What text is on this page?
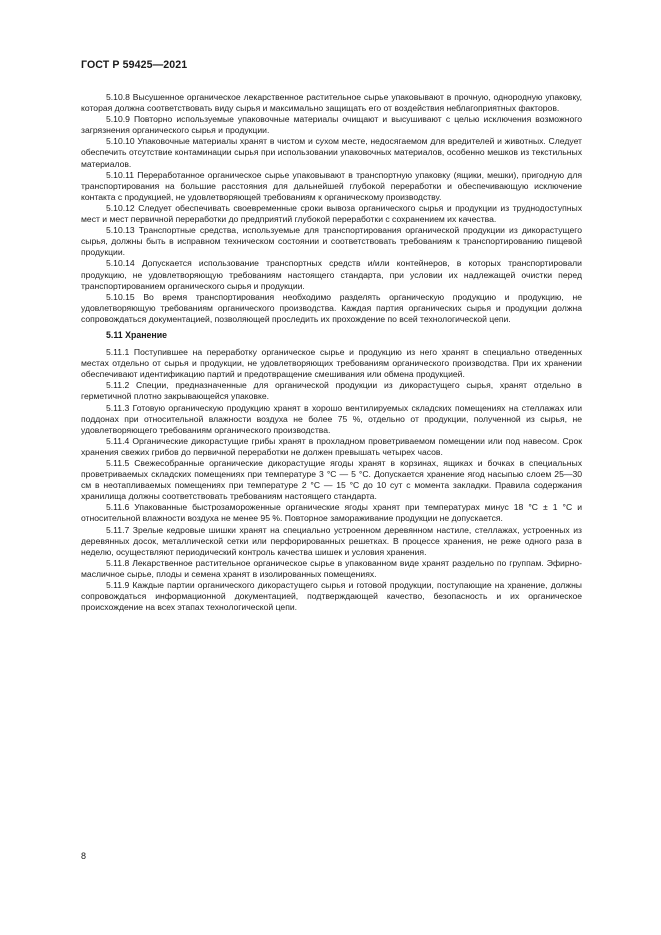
ГОСТ Р 59425—2021

5.10.8 Высушенное органическое лекарственное растительное сырье упаковывают в прочную, однородную упаковку, которая должна соответствовать виду сырья и максимально защищать его от воздействия неблагоприятных факторов.

5.10.9 Повторно используемые упаковочные материалы очищают и высушивают с целью исключения возможного загрязнения органического сырья и продукции.

5.10.10 Упаковочные материалы хранят в чистом и сухом месте, недосягаемом для вредителей и животных. Следует обеспечить отсутствие контаминации сырья при использовании упаковочных материалов, особенно мешков из текстильных материалов.

5.10.11 Переработанное органическое сырье упаковывают в транспортную упаковку (ящики, мешки), пригодную для транспортирования на большие расстояния для дальнейшей глубокой переработки и обеспечивающую исключение контакта с продукцией, не удовлетворяющей требованиям к органическому производству.

5.10.12 Следует обеспечивать своевременные сроки вывоза органического сырья и продукции из труднодоступных мест и мест первичной переработки до предприятий глубокой переработки с сохранением их качества.

5.10.13 Транспортные средства, используемые для транспортирования органической продукции из дикорастущего сырья, должны быть в исправном техническом состоянии и соответствовать требованиям к транспортированию пищевой продукции.

5.10.14 Допускается использование транспортных средств и/или контейнеров, в которых транспортировали продукцию, не удовлетворяющую требованиям настоящего стандарта, при условии их надлежащей очистки перед транспортированием органического сырья и продукции.

5.10.15 Во время транспортирования необходимо разделять органическую продукцию и продукцию, не удовлетворяющую требованиям органического производства. Каждая партия органических сырья и продукции должна сопровождаться документацией, позволяющей проследить их прохождение по всей технологической цепи.

5.11 Хранение

5.11.1 Поступившее на переработку органическое сырье и продукцию из него хранят в специально отведенных местах отдельно от сырья и продукции, не удовлетворяющих требованиям органического производства. При их хранении обеспечивают идентификацию партий и предотвращение смешивания или обмена продукцией.

5.11.2 Специи, предназначенные для органической продукции из дикорастущего сырья, хранят отдельно в герметичной плотно закрывающейся упаковке.

5.11.3 Готовую органическую продукцию хранят в хорошо вентилируемых складских помещениях на стеллажах или поддонах при относительной влажности воздуха не более 75 %, отдельно от продукции, полученной из сырья, не удовлетворяющего требованиям органического производства.

5.11.4 Органические дикорастущие грибы хранят в прохладном проветриваемом помещении или под навесом. Срок хранения свежих грибов до первичной переработки не должен превышать четырех часов.

5.11.5 Свежесобранные органические дикорастущие ягоды хранят в корзинах, ящиках и бочках в специальных проветриваемых складских помещениях при температуре 3 °С — 5 °С. Допускается хранение ягод насыпью слоем 25—30 см в неотапливаемых помещениях при температуре 2 °С — 15 °С до 10 сут с момента закладки. Правила содержания хранилища должны соответствовать требованиям настоящего стандарта.

5.11.6 Упакованные быстрозамороженные органические ягоды хранят при температурах минус 18 °С ± 1 °С и относительной влажности воздуха не менее 95 %. Повторное замораживание продукции не допускается.

5.11.7 Зрелые кедровые шишки хранят на специально устроенном деревянном настиле, стеллажах, устроенных из деревянных досок, металлической сетки или перфорированных решетках. В процессе хранения, не реже одного раза в неделю, осуществляют периодический контроль качества шишек и условия хранения.

5.11.8 Лекарственное растительное органическое сырье в упакованном виде хранят раздельно по группам. Эфирно-масличное сырье, плоды и семена хранят в изолированных помещениях.

5.11.9 Каждые партии органического дикорастущего сырья и готовой продукции, поступающие на хранение, должны сопровождаться информационной документацией, подтверждающей качество, безопасность и их органическое происхождение на всех этапах технологической цепи.

8
